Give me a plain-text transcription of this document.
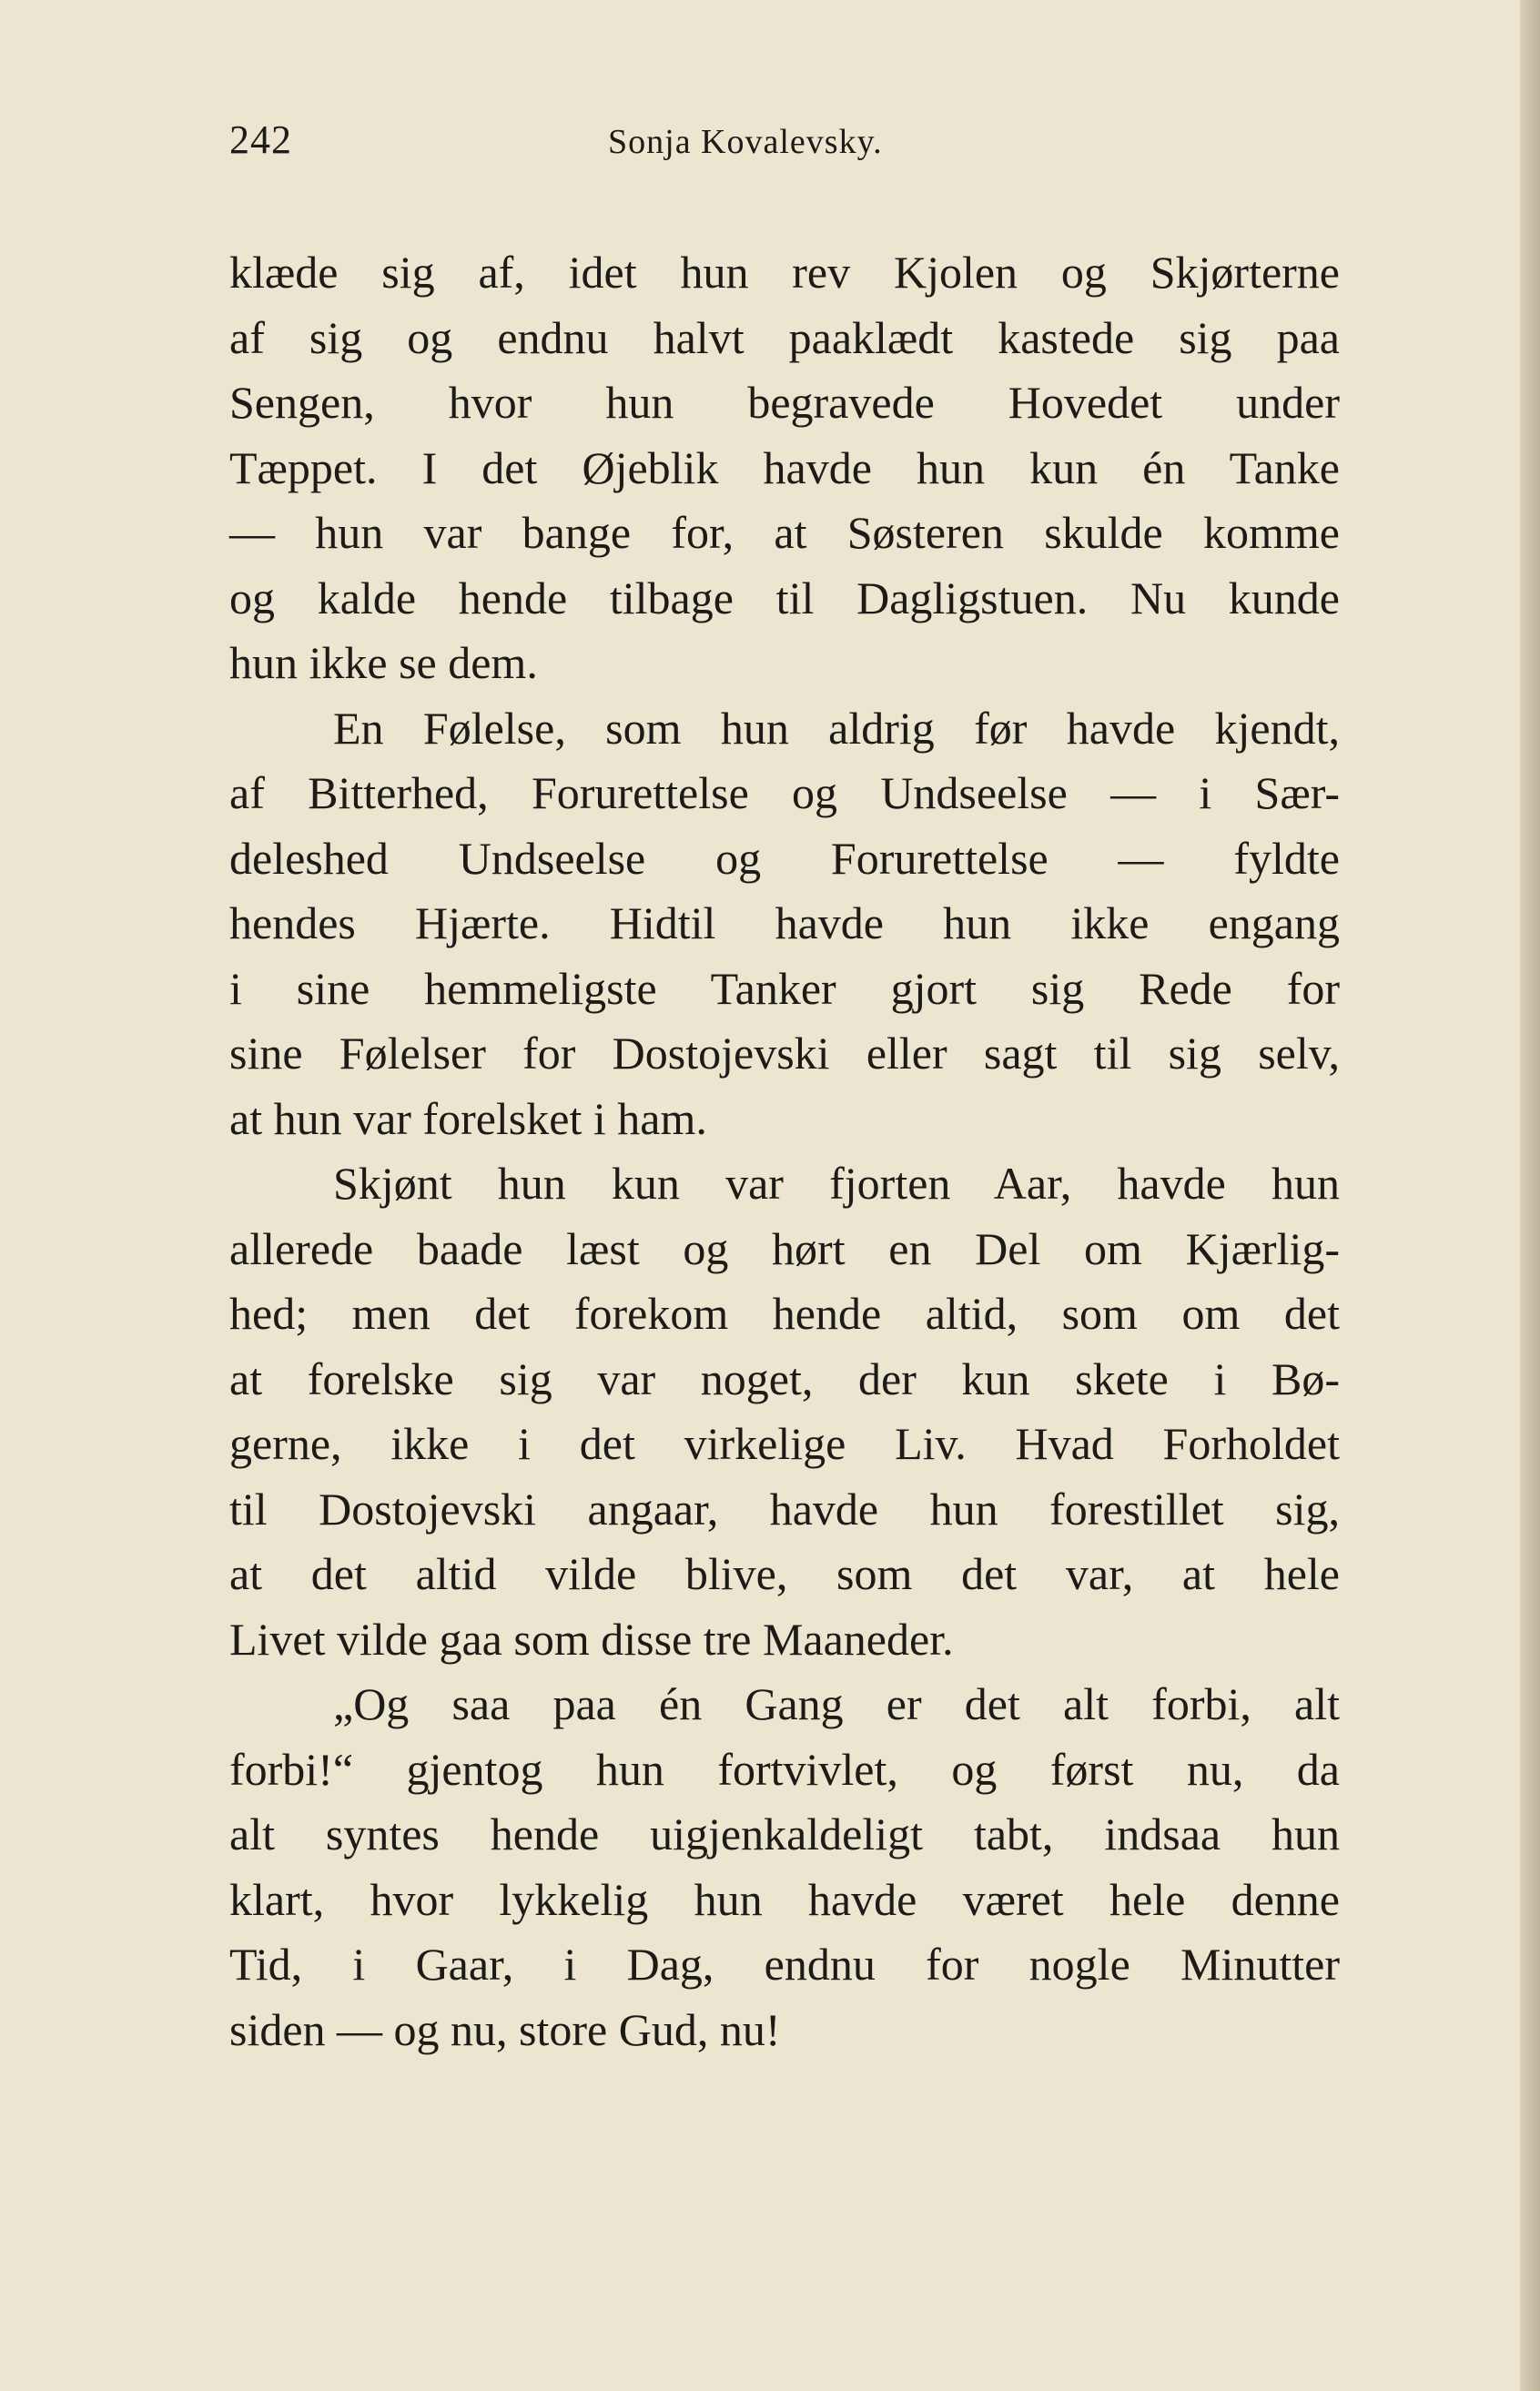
242	Sonja Kovalevsky.
klæde sig af, idet hun rev Kjolen og Skjørterne
af sig og endnu halvt paaklædt kastede sig paa
Sengen, hvor hun begravede Hovedet under
Tæppet. I det Øjeblik havde hun kun én Tanke
— hun var bange for, at Søsteren skulde komme
og kalde hende tilbage til Dagligstuen. Nu kunde
hun ikke se dem.
En Følelse, som hun aldrig før havde kjendt,
af Bitterhed, Forurettelse og Undseelse — i Sær-
deleshed Undseelse og Forurettelse — fyldte
hendes Hjærte. Hidtil havde hun ikke engang
i sine hemmeligste Tanker gjort sig Rede for
sine Følelser for Dostojevski eller sagt til sig selv,
at hun var forelsket i ham.
Skjønt hun kun var fjorten Aar, havde hun
allerede baade læst og hørt en Del om Kjærlig-
hed; men det forekom hende altid, som om det
at forelske sig var noget, der kun skete i Bø-
gerne, ikke i det virkelige Liv. Hvad Forholdet
til Dostojevski angaar, havde hun forestillet sig,
at det altid vilde blive, som det var, at hele
Livet vilde gaa som disse tre Maaneder.
„Og saa paa én Gang er det alt forbi, alt
forbi!“ gjentog hun fortvivlet, og først nu, da
alt syntes hende uigjenkaldeligt tabt, indsaa hun
klart, hvor lykkelig hun havde været hele denne
Tid, i Gaar, i Dag, endnu for nogle Minutter
siden — og nu, store Gud, nu!
